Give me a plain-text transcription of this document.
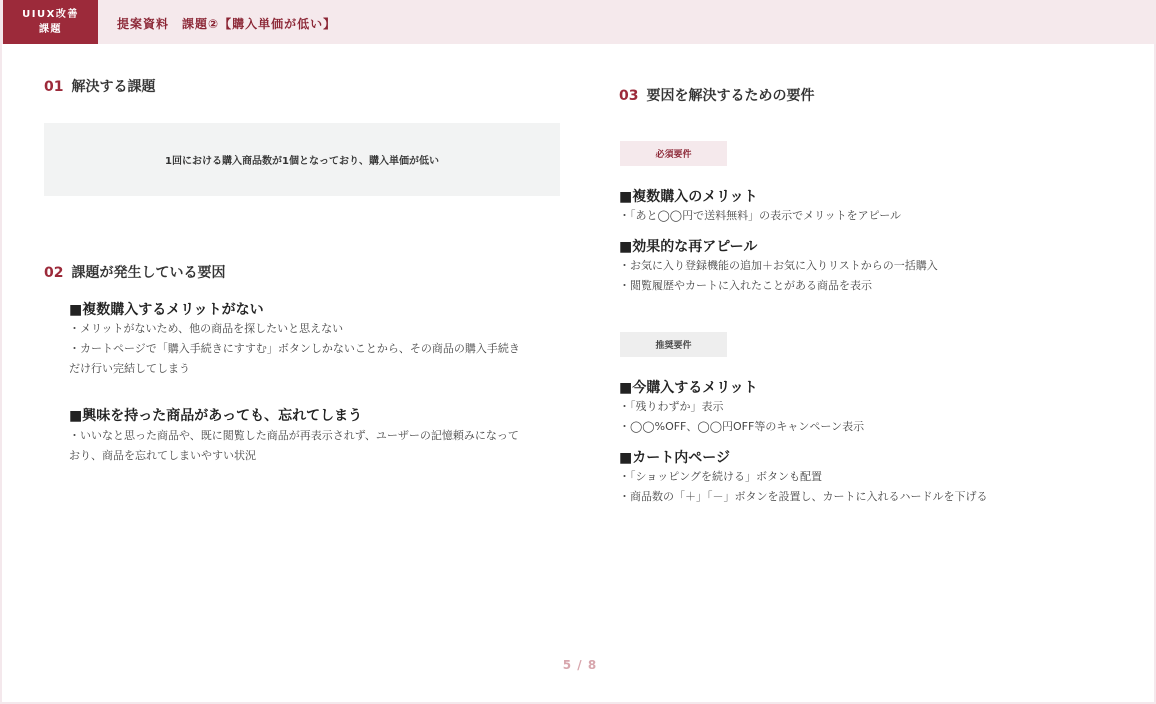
UIUX改善
課題	提案資料　課題②【購入単価が低い】
01 解決する課題
1回における購入商品数が1個となっており、購入単価が低い
02 課題が発生している要因
■複数購入するメリットがない
・メリットがないため、他の商品を探したいと思えない
・カートページで「購入手続きにすすむ」ボタンしかないことから、その商品の購入手続き
だけ行い完結してしまう
■興味を持った商品があっても、忘れてしまう
・いいなと思った商品や、既に閲覧した商品が再表示されず、ユーザーの記憶頼みになって
おり、商品を忘れてしまいやすい状況
03 要因を解決するための要件
必須要件
■複数購入のメリット
・「あと◯◯円で送料無料」の表示でメリットをアピール
■効果的な再アピール
・お気に入り登録機能の追加＋お気に入りリストからの一括購入
・閲覧履歴やカートに入れたことがある商品を表示
推奨要件
■今購入するメリット
・「残りわずか」表示
・◯◯%OFF、◯◯円OFF等のキャンペーン表示
■カート内ページ
・「ショッピングを続ける」ボタンも配置
・商品数の「＋」「－」ボタンを設置し、カートに入れるハードルを下げる
5 / 8
